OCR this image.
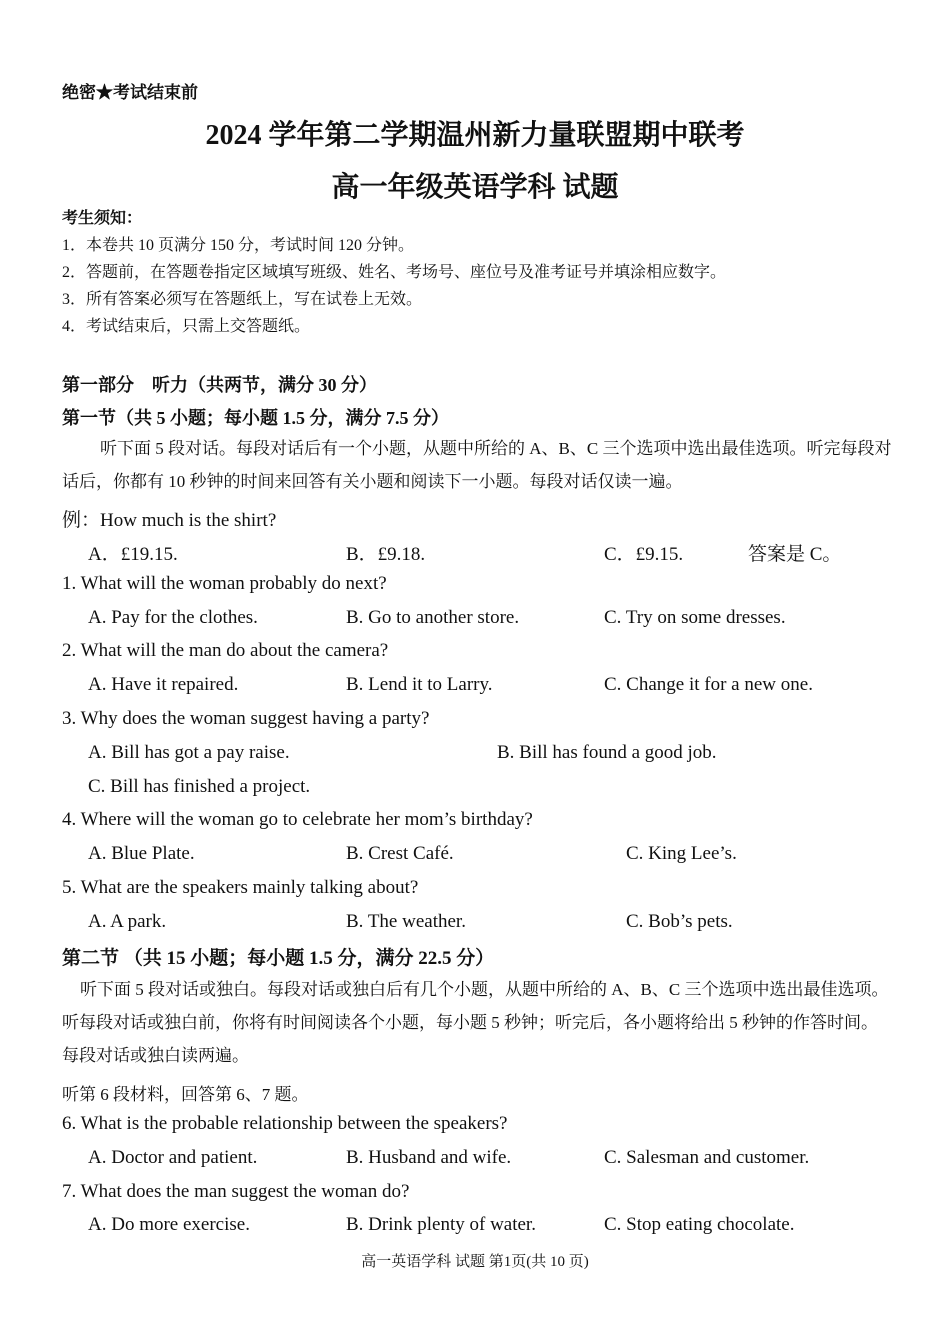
绝密★考试结束前
2024 学年第二学期温州新力量联盟期中联考
高一年级英语学科 试题
考生须知：
1．本卷共 10 页满分 150 分，考试时间 120 分钟。
2．答题前，在答题卷指定区域填写班级、姓名、考场号、座位号及准考证号并填涂相应数字。
3．所有答案必须写在答题纸上，写在试卷上无效。
4．考试结束后，只需上交答题纸。
第一部分　听力（共两节，满分 30 分）
第一节（共 5 小题；每小题 1.5 分，满分 7.5 分）
听下面 5 段对话。每段对话后有一个小题，从题中所给的 A、B、C 三个选项中选出最佳选项。听完每段对话后，你都有 10 秒钟的时间来回答有关小题和阅读下一小题。每段对话仅读一遍。
例：How much is the shirt?
A．£19.15.	B．£9.18.	C．£9.15.	答案是 C。
1. What will the woman probably do next?
A. Pay for the clothes.	B. Go to another store.	C. Try on some dresses.
2. What will the man do about the camera?
A. Have it repaired.	B. Lend it to Larry.	C. Change it for a new one.
3. Why does the woman suggest having a party?
A. Bill has got a pay raise.	B. Bill has found a good job.
C. Bill has finished a project.
4. Where will the woman go to celebrate her mom’s birthday?
A. Blue Plate.	B. Crest Café.	C. King Lee’s.
5. What are the speakers mainly talking about?
A. A park.	B. The weather.	C. Bob’s pets.
第二节 （共 15 小题；每小题 1.5 分，满分 22.5 分）
听下面 5 段对话或独白。每段对话或独白后有几个小题，从题中所给的 A、B、C 三个选项中选出最佳选项。听每段对话或独白前，你将有时间阅读各个小题，每小题 5 秒钟；听完后，各小题将给出 5 秒钟的作答时间。每段对话或独白读两遍。
听第 6 段材料，回答第 6、7 题。
6. What is the probable relationship between the speakers?
A. Doctor and patient.	B. Husband and wife.	C. Salesman and customer.
7. What does the man suggest the woman do?
A. Do more exercise.	B. Drink plenty of water.	C. Stop eating chocolate.
高一英语学科 试题 第1页(共 10 页)
